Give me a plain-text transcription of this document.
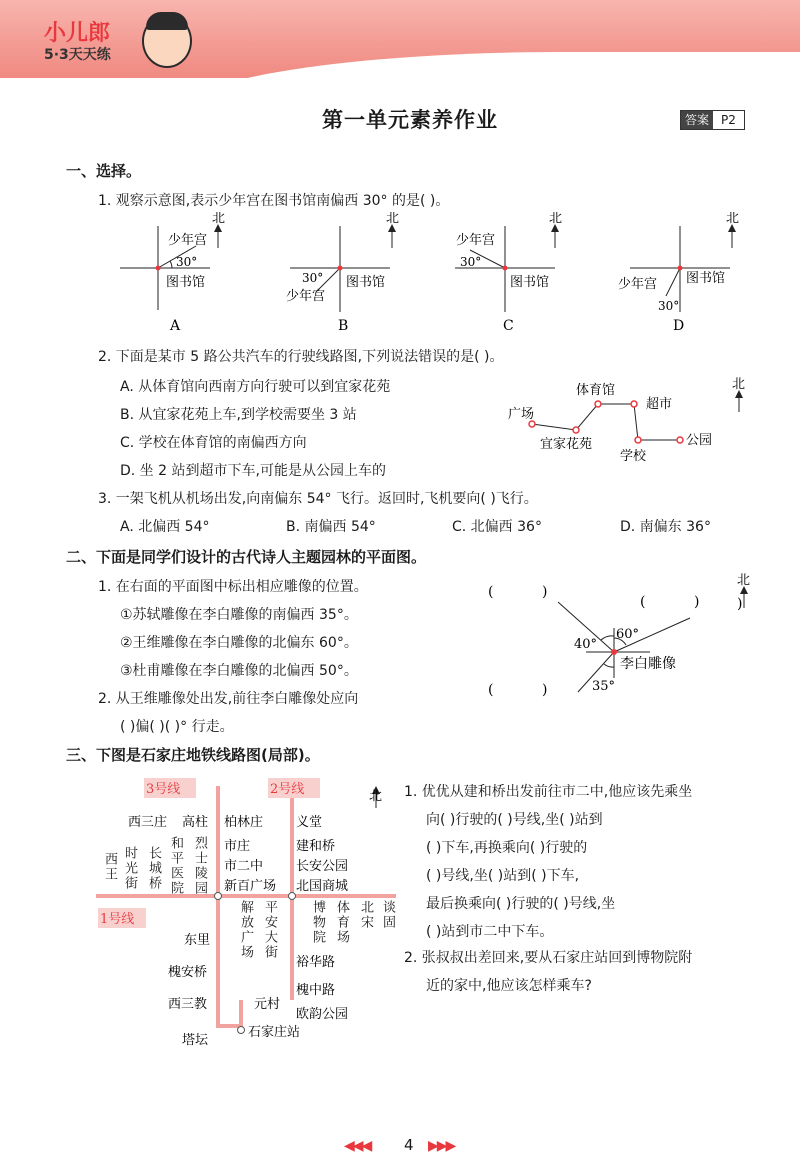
小儿郎
5·3天天练
第一单元素养作业	答案	P2
一、选择。
1. 观察示意图,表示少年宫在图书馆南偏西 30° 的是( )。
北
少年宫
30°
图书馆
A
北
30°
少年宫
图书馆
B
北
少年宫
30°
图书馆
C
北
少年宫
30°
图书馆
D
2. 下面是某市 5 路公共汽车的行驶线路图,下列说法错误的是( )。
A. 从体育馆向西南方向行驶可以到宜家花苑
B. 从宜家花苑上车,到学校需要坐 3 站
C. 学校在体育馆的南偏西方向
D. 坐 2 站到超市下车,可能是从公园上车的
广场
体育馆
超市
宜家花苑
学校
公园
北
3. 一架飞机从机场出发,向南偏东 54° 飞行。返回时,飞机要向( )飞行。
A. 北偏西 54°	B. 南偏西 54°	C. 北偏西 36°	D. 南偏东 36°
二、下面是同学们设计的古代诗人主题园林的平面图。
1. 在右面的平面图中标出相应雕像的位置。
①苏轼雕像在李白雕像的南偏西 35°。
②王维雕像在李白雕像的北偏东 60°。
③杜甫雕像在李白雕像的北偏西 50°。
2. 从王维雕像处出发,前往李白雕像处应向
( )偏( )( )° 行走。
60°
40°
35°
李白雕像
(	)
(	)
(	)
)
北
三、下图是石家庄地铁线路图(局部)。
3号线	2号线
1号线
北
西三庄 高柱 柏林庄	义堂
建和桥
长安公园
北国商城
市庄
市二中
新百广场
塔坛
石家庄站
东里
槐安桥
西三教	元村
裕华路
槐中路
欧韵公园
西王 时光街 长城桥 和平医院 烈士陵园
解放广场 平安大街	博物院 体育场 北宋 谈固
1. 优优从建和桥出发前往市二中,他应该先乘坐
向( )行驶的( )号线,坐( )站到
( )下车,再换乘向( )行驶的
( )号线,坐( )站到( )下车,
最后换乘向( )行驶的( )号线,坐
( )站到市二中下车。
2. 张叔叔出差回来,要从石家庄站回到博物院附
近的家中,他应该怎样乘车?
◀◀◀ 4 ▶▶▶
